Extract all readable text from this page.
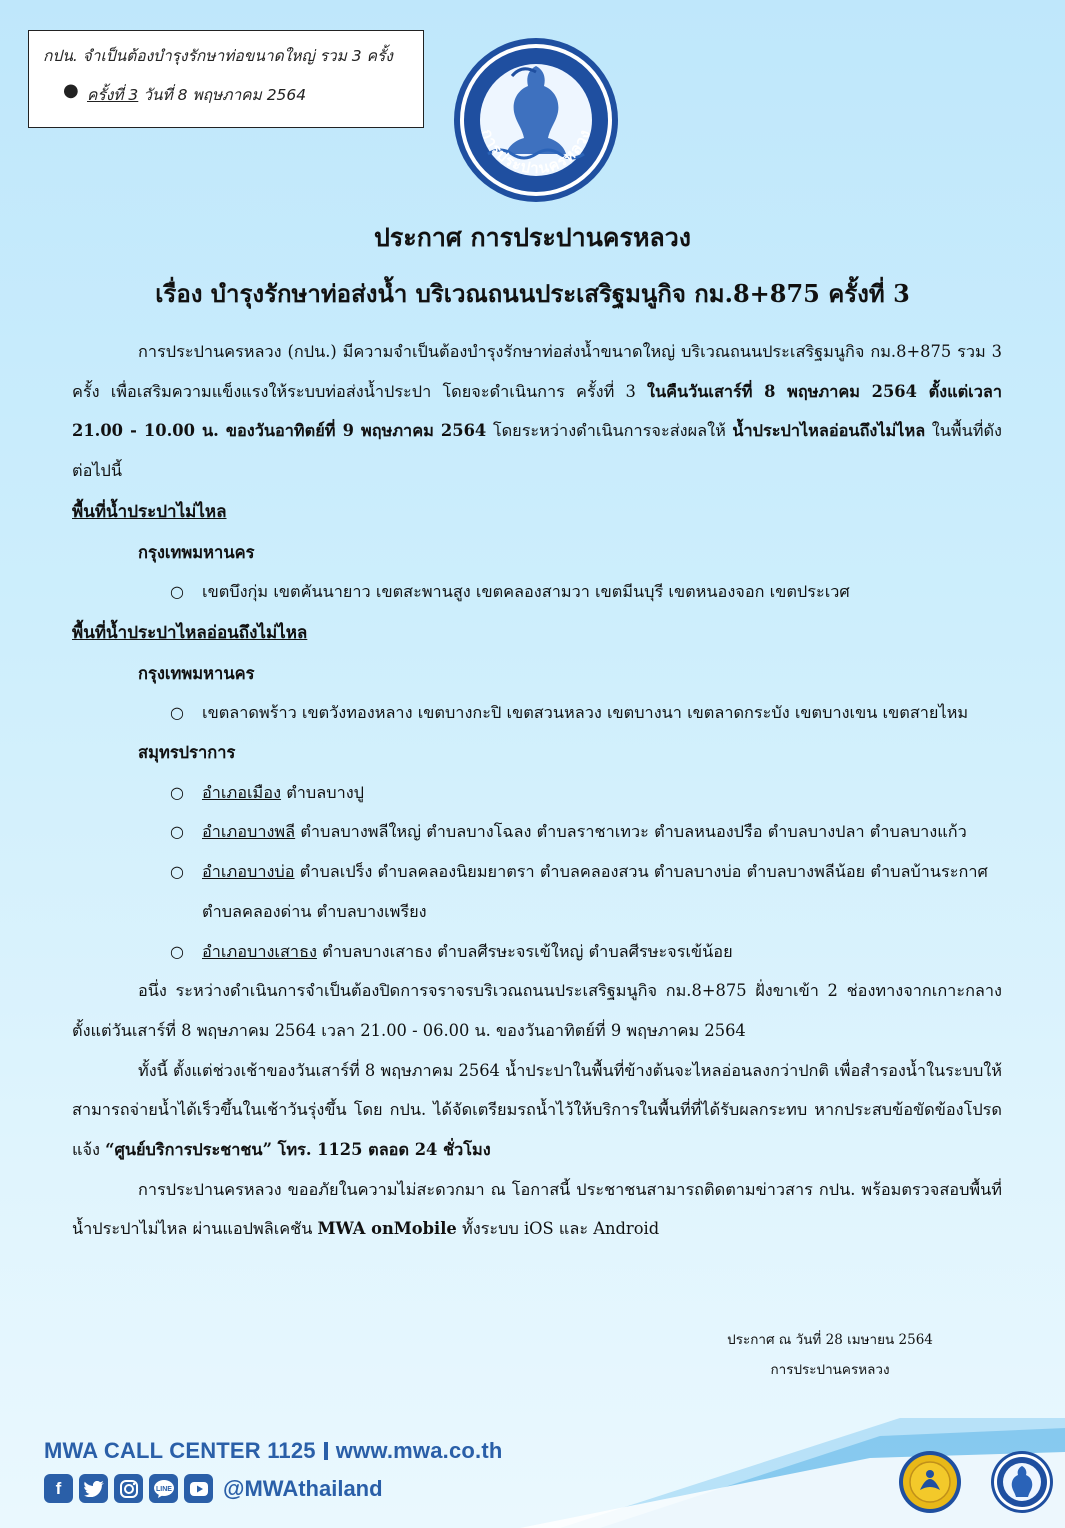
กปน. จำเป็นต้องบำรุงรักษาท่อขนาดใหญ่ รวม 3 ครั้ง
● ครั้งที่ 3 วันที่ 8 พฤษภาคม 2564
การประปานครหลวง
ประกาศ การประปานครหลวง
เรื่อง บำรุงรักษาท่อส่งน้ำ บริเวณถนนประเสริฐมนูกิจ กม.8+875 ครั้งที่ 3

การประปานครหลวง (กปน.) มีความจำเป็นต้องบำรุงรักษาท่อส่งน้ำขนาดใหญ่ บริเวณถนนประเสริฐมนูกิจ กม.8+875 รวม 3 ครั้ง เพื่อเสริมความแข็งแรงให้ระบบท่อส่งน้ำประปา โดยจะดำเนินการ ครั้งที่ 3 ในคืนวันเสาร์ที่ 8 พฤษภาคม 2564 ตั้งแต่เวลา 21.00 - 10.00 น. ของวันอาทิตย์ที่ 9 พฤษภาคม 2564 โดยระหว่างดำเนินการจะส่งผลให้ น้ำประปาไหลอ่อนถึงไม่ไหล ในพื้นที่ดังต่อไปนี้

พื้นที่น้ำประปาไม่ไหล
กรุงเทพมหานคร
○ เขตบึงกุ่ม เขตคันนายาว เขตสะพานสูง เขตคลองสามวา เขตมีนบุรี เขตหนองจอก เขตประเวศ
พื้นที่น้ำประปาไหลอ่อนถึงไม่ไหล
กรุงเทพมหานคร
○ เขตลาดพร้าว เขตวังทองหลาง เขตบางกะปิ เขตสวนหลวง เขตบางนา เขตลาดกระบัง เขตบางเขน เขตสายไหม
สมุทรปราการ
○ อำเภอเมือง ตำบลบางปู
○ อำเภอบางพลี ตำบลบางพลีใหญ่ ตำบลบางโฉลง ตำบลราชาเทวะ ตำบลหนองปรือ ตำบลบางปลา ตำบลบางแก้ว
○ อำเภอบางบ่อ ตำบลเปร็ง ตำบลคลองนิยมยาตรา ตำบลคลองสวน ตำบลบางบ่อ ตำบลบางพลีน้อย ตำบลบ้านระกาศ ตำบลคลองด่าน ตำบลบางเพรียง
○ อำเภอบางเสาธง ตำบลบางเสาธง ตำบลศีรษะจรเข้ใหญ่ ตำบลศีรษะจรเข้น้อย

อนึ่ง ระหว่างดำเนินการจำเป็นต้องปิดการจราจรบริเวณถนนประเสริฐมนูกิจ กม.8+875 ฝั่งขาเข้า 2 ช่องทางจากเกาะกลาง ตั้งแต่วันเสาร์ที่ 8 พฤษภาคม 2564 เวลา 21.00 - 06.00 น. ของวันอาทิตย์ที่ 9 พฤษภาคม 2564

ทั้งนี้ ตั้งแต่ช่วงเช้าของวันเสาร์ที่ 8 พฤษภาคม 2564 น้ำประปาในพื้นที่ข้างต้นจะไหลอ่อนลงกว่าปกติ เพื่อสำรองน้ำในระบบให้สามารถจ่ายน้ำได้เร็วขึ้นในเช้าวันรุ่งขึ้น โดย กปน. ได้จัดเตรียมรถน้ำไว้ให้บริการในพื้นที่ที่ได้รับผลกระทบ หากประสบข้อขัดข้องโปรดแจ้ง “ศูนย์บริการประชาชน” โทร. 1125 ตลอด 24 ชั่วโมง

การประปานครหลวง ขออภัยในความไม่สะดวกมา ณ โอกาสนี้ ประชาชนสามารถติดตามข่าวสาร กปน. พร้อมตรวจสอบพื้นที่น้ำประปาไม่ไหล ผ่านแอปพลิเคชัน MWA onMobile ทั้งระบบ iOS และ Android

ประกาศ ณ วันที่ 28 เมษายน 2564
การประปานครหลวง
MWA CALL CENTER 1125 www.mwa.co.th
f	LINE @MWAthailand
